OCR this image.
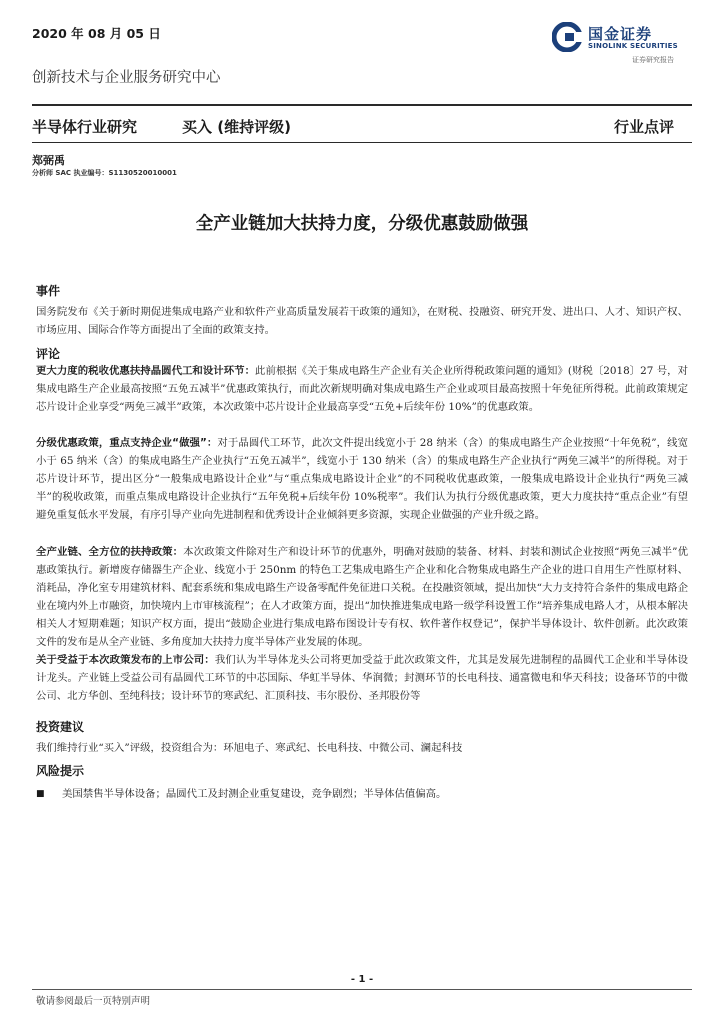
2020 年 08 月 05 日	国金证券
SINOLINK SECURITIES
证券研究报告
创新技术与企业服务研究中心
半导体行业研究	买入 (维持评级)	行业点评
郑弼禹
分析师 SAC 执业编号：S1130520010001
全产业链加大扶持力度，分级优惠鼓励做强
事件
国务院发布《关于新时期促进集成电路产业和软件产业高质量发展若干政策的通知》，在财税、投融资、研究开发、进出口、人才、知识产权、市场应用、国际合作等方面提出了全面的政策支持。
评论
更大力度的税收优惠扶持晶圆代工和设计环节：此前根据《关于集成电路生产企业有关企业所得税政策问题的通知》(财税〔2018〕27 号，对集成电路生产企业最高按照“五免五减半”优惠政策执行，而此次新规明确对集成电路生产企业或项目最高按照十年免征所得税。此前政策规定芯片设计企业享受“两免三减半”政策，本次政策中芯片设计企业最高享受“五免+后续年份 10%”的优惠政策。
分级优惠政策，重点支持企业“做强”：对于晶圆代工环节，此次文件提出线宽小于 28 纳米（含）的集成电路生产企业按照“十年免税”，线宽小于 65 纳米（含）的集成电路生产企业执行“五免五减半”，线宽小于 130 纳米（含）的集成电路生产企业执行“两免三减半”的所得税。对于芯片设计环节，提出区分“一般集成电路设计企业”与“重点集成电路设计企业”的不同税收优惠政策，一般集成电路设计企业执行“两免三减半”的税收政策，而重点集成电路设计企业执行“五年免税+后续年份 10%税率”。我们认为执行分级优惠政策，更大力度扶持“重点企业”有望避免重复低水平发展，有序引导产业向先进制程和优秀设计企业倾斜更多资源，实现企业做强的产业升级之路。
全产业链、全方位的扶持政策：本次政策文件除对生产和设计环节的优惠外，明确对鼓励的装备、材料、封装和测试企业按照“两免三减半”优惠政策执行。新增废存储器生产企业、线宽小于 250nm 的特色工艺集成电路生产企业和化合物集成电路生产企业的进口自用生产性原材料、消耗品，净化室专用建筑材料、配套系统和集成电路生产设备零配件免征进口关税。在投融资领域，提出加快“大力支持符合条件的集成电路企业在境内外上市融资，加快境内上市审核流程”；在人才政策方面，提出“加快推进集成电路一级学科设置工作”培养集成电路人才，从根本解决相关人才短期难题；知识产权方面，提出“鼓励企业进行集成电路布图设计专有权、软件著作权登记”，保护半导体设计、软件创新。此次政策文件的发布是从全产业链、多角度加大扶持力度半导体产业发展的体现。
关于受益于本次政策发布的上市公司：我们认为半导体龙头公司将更加受益于此次政策文件，尤其是发展先进制程的晶圆代工企业和半导体设计龙头。产业链上受益公司有晶圆代工环节的中芯国际、华虹半导体、华润微；封测环节的长电科技、通富微电和华天科技；设备环节的中微公司、北方华创、至纯科技；设计环节的寒武纪、汇顶科技、韦尔股份、圣邦股份等
投资建议
我们维持行业“买入”评级，投资组合为：环旭电子、寒武纪、长电科技、中微公司、澜起科技
风险提示
■ 美国禁售半导体设备；晶圆代工及封测企业重复建设，竞争剧烈；半导体估值偏高。
- 1 -
敬请参阅最后一页特别声明
